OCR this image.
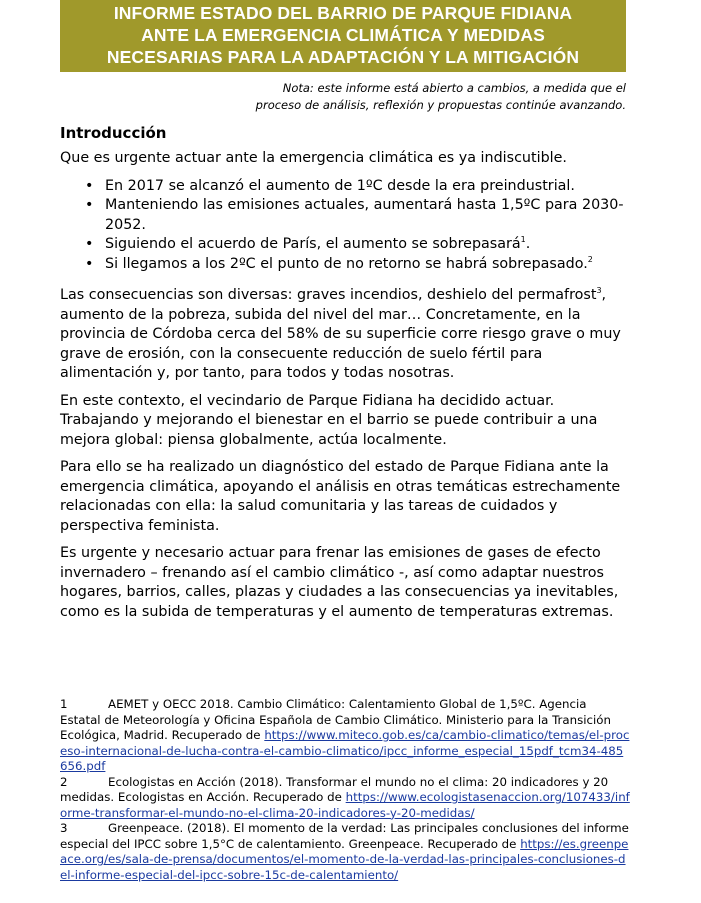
INFORME ESTADO DEL BARRIO DE PARQUE FIDIANA
ANTE LA EMERGENCIA CLIMÁTICA Y MEDIDAS
NECESARIAS PARA LA ADAPTACIÓN Y LA MITIGACIÓN
Nota: este informe está abierto a cambios, a medida que el
proceso de análisis, reflexión y propuestas continúe avanzando.
Introducción

Que es urgente actuar ante la emergencia climática es ya indiscutible.

• En 2017 se alcanzó el aumento de 1ºC desde la era preindustrial.
• Manteniendo las emisiones actuales, aumentará hasta 1,5ºC para 2030-2052.
• Siguiendo el acuerdo de París, el aumento se sobrepasará$^1$.
• Si llegamos a los 2ºC el punto de no retorno se habrá sobrepasado.$^2$

Las consecuencias son diversas: graves incendios, deshielo del permafrost$^3$, aumento de la pobreza, subida del nivel del mar… Concretamente, en la provincia de Córdoba cerca del 58% de su superficie corre riesgo grave o muy grave de erosión, con la consecuente reducción de suelo fértil para alimentación y, por tanto, para todos y todas nosotras.

En este contexto, el vecindario de Parque Fidiana ha decidido actuar. Trabajando y mejorando el bienestar en el barrio se puede contribuir a una mejora global: piensa globalmente, actúa localmente.

Para ello se ha realizado un diagnóstico del estado de Parque Fidiana ante la emergencia climática, apoyando el análisis en otras temáticas estrechamente relacionadas con ella: la salud comunitaria y las tareas de cuidados y perspectiva feminista.

Es urgente y necesario actuar para frenar las emisiones de gases de efecto invernadero – frenando así el cambio climático -, así como adaptar nuestros hogares, barrios, calles, plazas y ciudades a las consecuencias ya inevitables, como es la subida de temperaturas y el aumento de temperaturas extremas.

1	AEMET y OECC 2018. Cambio Climático: Calentamiento Global de 1,5ºC. Agencia Estatal de Meteorología y Oficina Española de Cambio Climático. Ministerio para la Transición Ecológica, Madrid. Recuperado de https://www.miteco.gob.es/ca/cambio-climatico/temas/el-proceso-internacional-de-lucha-contra-el-cambio-climatico/ipcc_informe_especial_15pdf_tcm34-485656.pdf

2	Ecologistas en Acción (2018). Transformar el mundo no el clima: 20 indicadores y 20 medidas. Ecologistas en Acción. Recuperado de https://www.ecologistasenaccion.org/107433/informe-transformar-el-mundo-no-el-clima-20-indicadores-y-20-medidas/

3	Greenpeace. (2018). El momento de la verdad: Las principales conclusiones del informe especial del IPCC sobre 1,5°C de calentamiento. Greenpeace. Recuperado de https://es.greenpeace.org/es/sala-de-prensa/documentos/el-momento-de-la-verdad-las-principales-conclusiones-del-informe-especial-del-ipcc-sobre-15c-de-calentamiento/
